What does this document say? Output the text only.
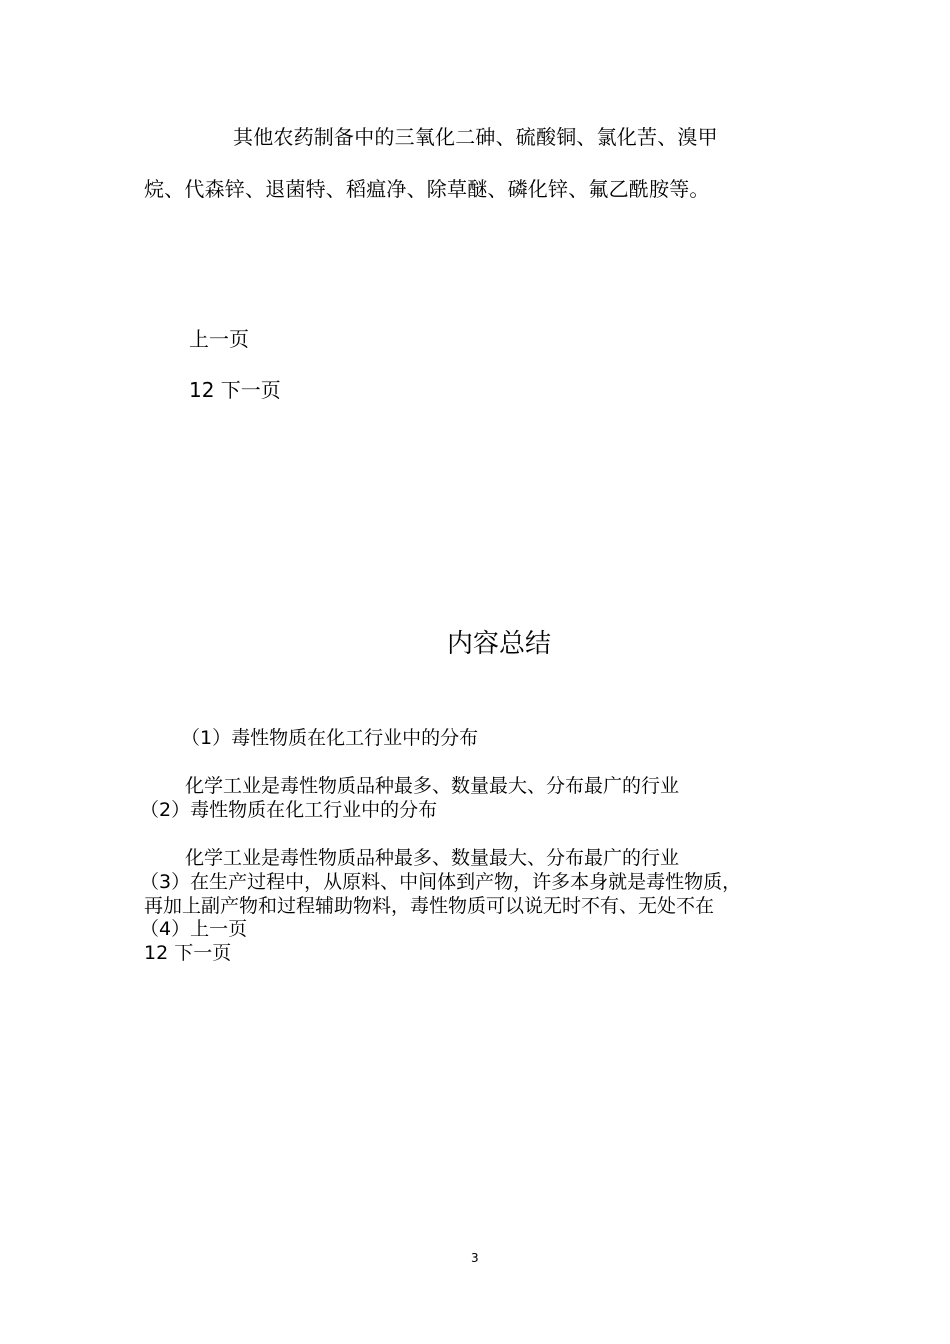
其他农药制备中的三氧化二砷、硫酸铜、氯化苦、溴甲
烷、代森锌、退菌特、稻瘟净、除草醚、磷化锌、氟乙酰胺等。
上一页
12 下一页
内容总结
（1）毒性物质在化工行业中的分布
化学工业是毒性物质品种最多、数量最大、分布最广的行业
（2）毒性物质在化工行业中的分布
化学工业是毒性物质品种最多、数量最大、分布最广的行业
（3）在生产过程中，从原料、中间体到产物，许多本身就是毒性物质，
再加上副产物和过程辅助物料，毒性物质可以说无时不有、无处不在
（4）上一页
12 下一页
3
